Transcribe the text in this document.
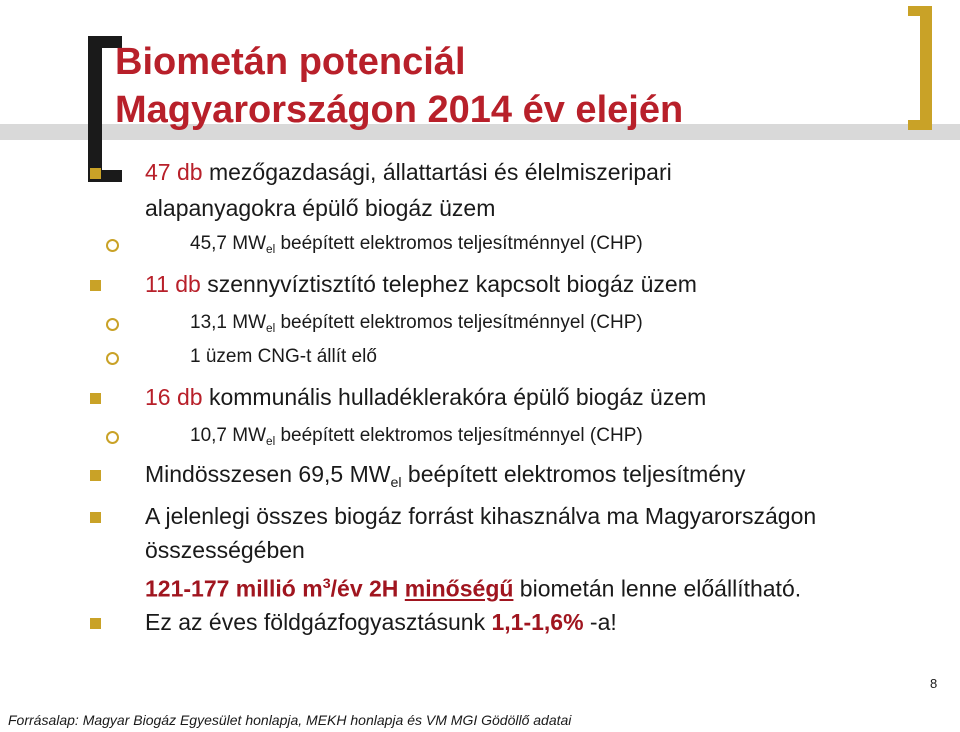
Biometán potenciál
Magyarországon 2014 év elején
47 db mezőgazdasági, állattartási és élelmiszeripari
alapanyagokra épülő biogáz üzem
45,7 $MW_{el}$ beépített elektromos teljesítménnyel (CHP)
11 db szennyvíztisztító telephez kapcsolt biogáz üzem
13,1 $MW_{el}$ beépített elektromos teljesítménnyel (CHP)
1 üzem CNG-t állít elő
16 db kommunális hulladéklerakóra épülő biogáz üzem
10,7 $MW_{el}$ beépített elektromos teljesítménnyel (CHP)
Mindösszesen 69,5 $MW_{el}$ beépített elektromos teljesítmény
A jelenlegi összes biogáz forrást kihasználva ma Magyarországon
összességében
121-177 millió $m^3/év$ 2H minőségű biometán lenne előállítható.
Ez az éves földgázfogyasztásunk 1,1-1,6% -a!
8
Forrásalap: Magyar Biogáz Egyesület honlapja, MEKH honlapja és VM MGI Gödöllő adatai
